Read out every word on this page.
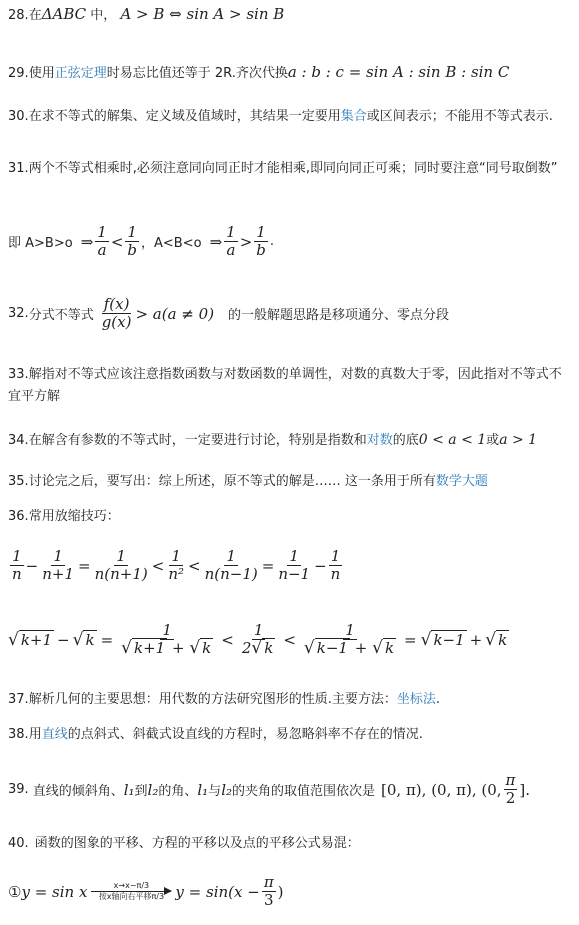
28.在ΔABC 中， A > B ⇔ sin A > sin B
29.使用正弦定理时易忘比值还等于 2R.齐次代换a : b : c = sin A : sin B : sin C
30.在求不等式的解集、定义域及值域时，其结果一定要用集合或区间表示；不能用不等式表示.
31.两个不等式相乘时,必须注意同向同正时才能相乘,即同向同正可乘；同时要注意“同号取倒数”
即 A>B>o ⇒ $\frac{1}{a} < \frac{1}{b}$ ，A<B<o ⇒ $\frac{1}{a} > \frac{1}{b}$ .
32. 分式不等式 $\frac{f(x)}{g(x)} > a(a \ne 0)$ 的一般解题思路是移项通分、零点分段
33.解指对不等式应该注意指数函数与对数函数的单调性，对数的真数大于零，因此指对不等式不宜平方解
34.在解含有参数的不等式时，一定要进行讨论，特别是指数和对数的底0 < a < 1或a > 1
35.讨论完之后，要写出：综上所述，原不等式的解是…… 这一条用于所有数学大题
36.常用放缩技巧：
$\frac{1}{n} - \frac{1}{n+1} = \frac{1}{n(n+1)} < \frac{1}{\text{n²}} < \frac{1}{n(n-1)} = \frac{1}{n-1} - \frac{1}{n}$
√ k+1 − √ $k = \frac{1}{√ k+1 + √ k} < \frac{1}{2√ k} < \frac{1}{√ k-1 + √ k}$ = √ k−1 + √ k
37.解析几何的主要思想：用代数的方法研究图形的性质.主要方法：坐标法.
38.用直线的点斜式、斜截式设直线的方程时，易忽略斜率不存在的情况.
39. 直线的倾斜角、 l₁ 到 l₂ 的角、 l₁ 与 l₂ 的夹角的取值范围依次是 [0, π), (0, π), (0, $\frac{\pi}{2}$ ].
40. 函数的图象的平移、方程的平移以及点的平移公式易混：
① y = sin x	x→x−π/3
按x轴向右平移π/3 $y = \sin(x - \frac{\pi}{3}$ )
